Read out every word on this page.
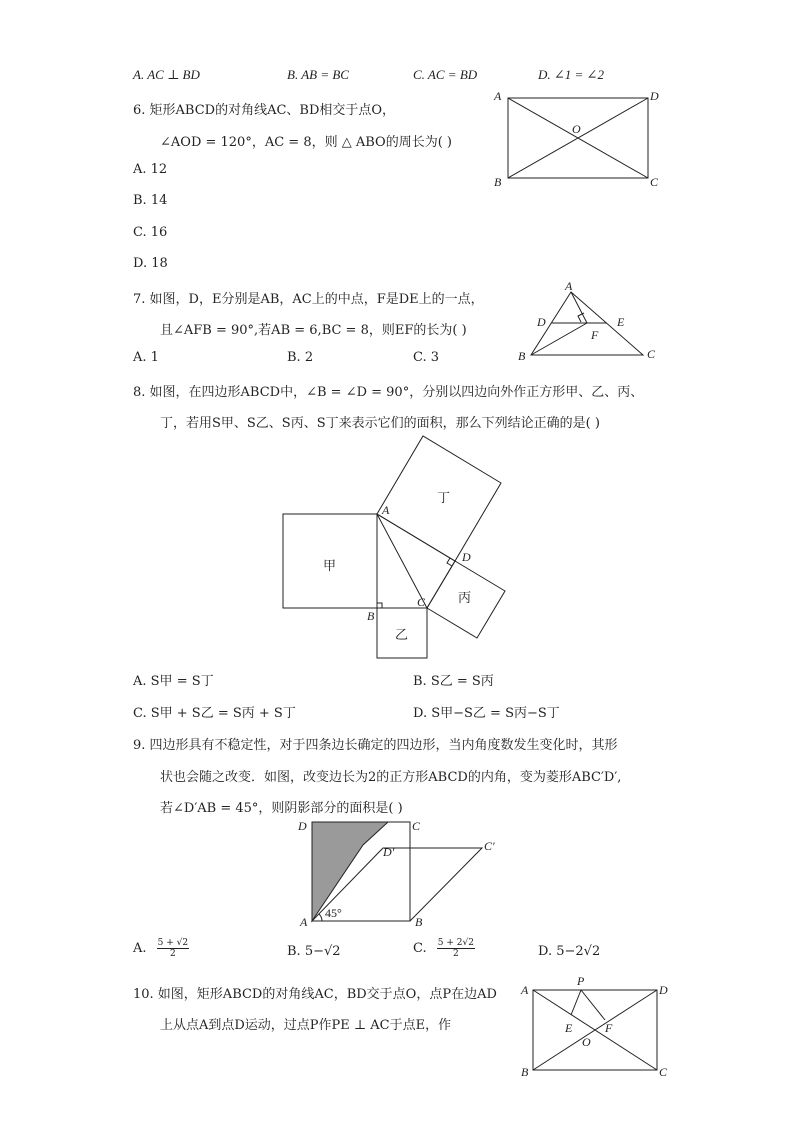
A. AC ⊥ BD	B. AB = BC	C. AC = BD	D. ∠1 = ∠2
6. 矩形ABCD的对角线AC、BD相交于点O，
∠AOD = 120°，AC = 8，则 △ ABO的周长为( )
A. 12
B. 14
C. 16
D. 18
A	D
B	C
O
7. 如图，D，E分别是AB，AC上的中点，F是DE上的一点，
且∠AFB = 90°,若AB = 6,BC = 8，则EF的长为( )
A. 1	B. 2	C. 3
A
D	E
F
B	C
8. 如图，在四边形ABCD中，∠B = ∠D = 90°，分别以四边向外作正方形甲、乙、丙、
丁，若用S甲、S乙、S丙、S丁来表示它们的面积，那么下列结论正确的是( )
甲
乙
丙
丁
A
B
C
D
A. S甲 = S丁	B. S乙 = S丙
C. S甲 + S乙 = S丙 + S丁	D. S甲−S乙 = S丙−S丁
9. 四边形具有不稳定性，对于四条边长确定的四边形，当内角度数发生变化时，其形
状也会随之改变．如图，改变边长为2的正方形ABCD的内角，变为菱形ABC′D′,
若∠D′AB = 45°，则阴影部分的面积是( )
D	C
D′	C′
A	B
45°
A. $\frac{5 + √2}{2}$	B. 5−√2	C. $\frac{5 + 2√2}{2}$	D. 5−2√2
10. 如图，矩形ABCD的对角线AC，BD交于点O，点P在边AD
上从点A到点D运动，过点P作PE ⊥ AC于点E，作
P
A	D
E	F
O
B	C
